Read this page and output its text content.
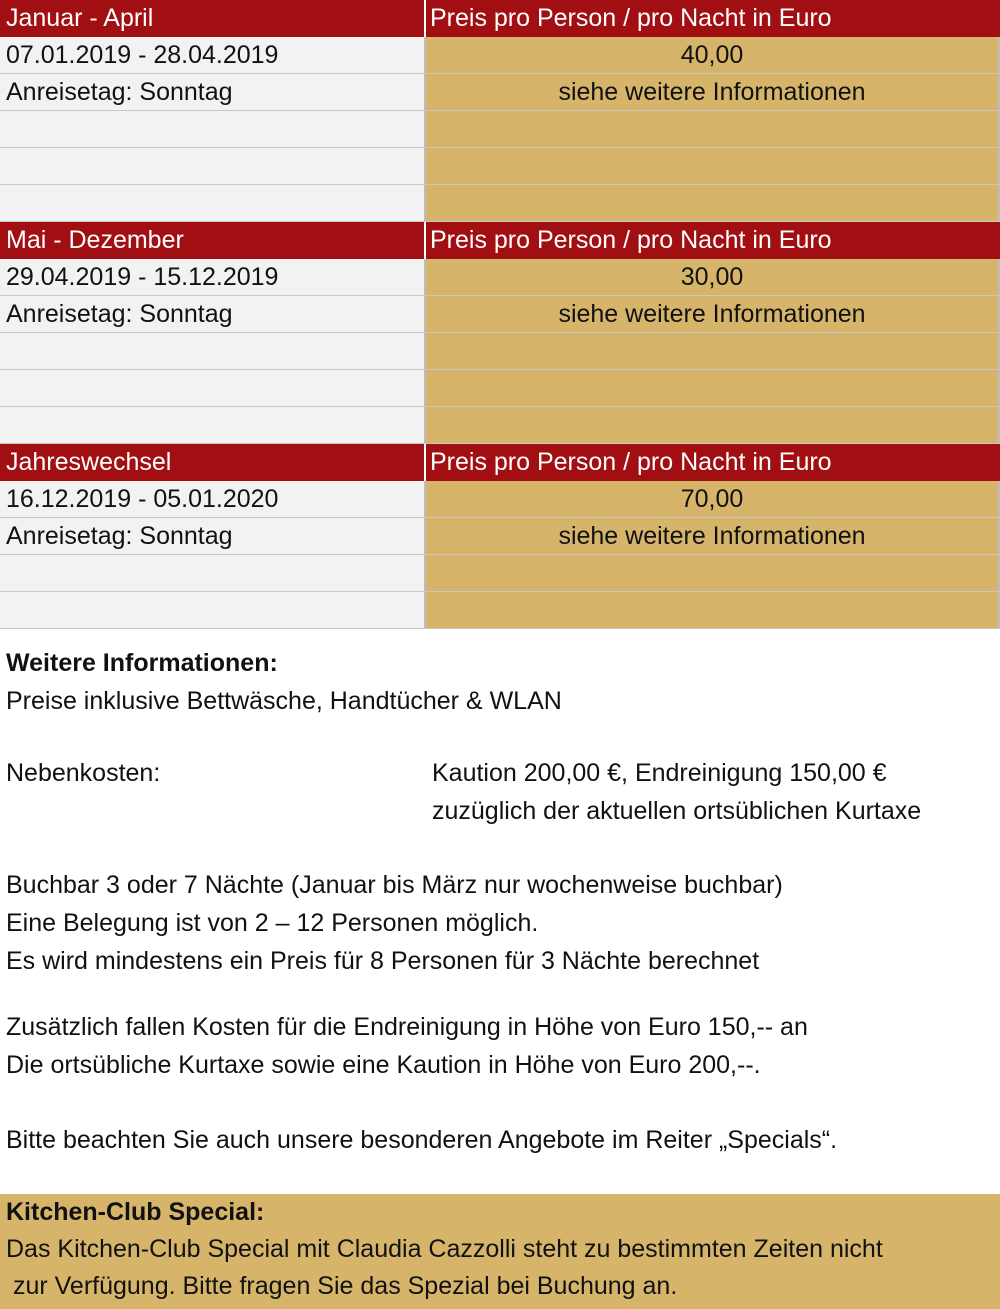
Januar - April	Preis pro Person / pro Nacht in Euro
07.01.2019 - 28.04.2019	40,00
Anreisetag: Sonntag	siehe weitere Informationen
Mai - Dezember	Preis pro Person / pro Nacht in Euro
29.04.2019 - 15.12.2019	30,00
Anreisetag: Sonntag	siehe weitere Informationen
Jahreswechsel	Preis pro Person / pro Nacht in Euro
16.12.2019 - 05.01.2020	70,00
Anreisetag: Sonntag	siehe weitere Informationen

Weitere Informationen:

Preise inklusive Bettwäsche, Handtücher & WLAN

Nebenkosten:	Kaution 200,00 €, Endreinigung 150,00 €

zuzüglich der aktuellen ortsüblichen Kurtaxe

Buchbar 3 oder 7 Nächte (Januar bis März nur wochenweise buchbar)

Eine Belegung ist von 2 – 12 Personen möglich.

Es wird mindestens ein Preis für 8 Personen für 3 Nächte berechnet

Zusätzlich fallen Kosten für die Endreinigung in Höhe von Euro 150,-- an

Die ortsübliche Kurtaxe sowie eine Kaution in Höhe von Euro 200,--.

Bitte beachten Sie auch unsere besonderen Angebote im Reiter „Specials“.

Kitchen-Club Special:

Das Kitchen-Club Special mit Claudia Cazzolli steht zu bestimmten Zeiten nicht

zur Verfügung. Bitte fragen Sie das Spezial bei Buchung an.
